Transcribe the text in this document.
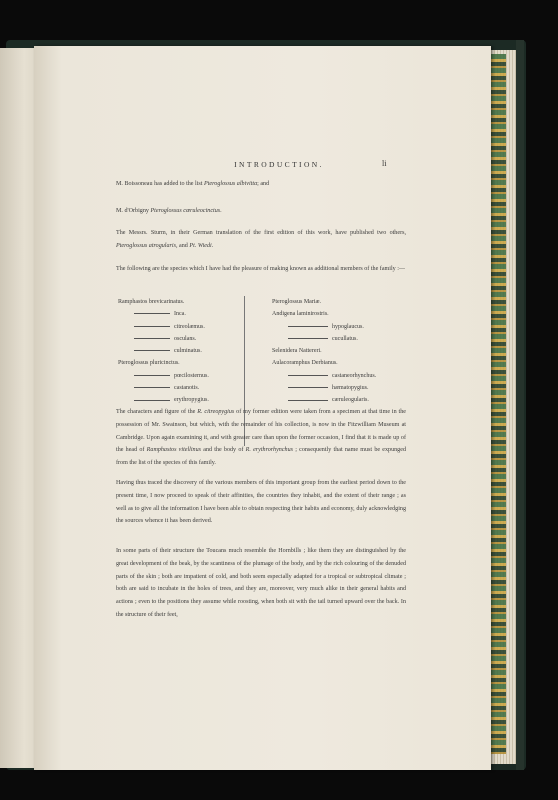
INTRODUCTION.	li

M. Boissoneau has added to the list Pteroglossus albivitta; and

M. d'Orbigny Pteroglossus cœruleocinctus.

The Messrs. Sturm, in their German translation of the first edition of this work, have published two others, Pteroglossus atrogularis, and Pt. Wiedi.

The following are the species which I have had the pleasure of making known as additional members of the family :—

Ramphastos brevicarinatus.
Inca.
citreolæmus.
osculans.
culminatus.
Pteroglossus pluricinctus.
pœcilosternus.
castanotis.
erythropygius.
Pteroglossus Mariæ.
Andigena laminirostris.
hypoglaucus.
cucullatus.
Selenidera Nattereri.
Aulacoramphus Derbianus.
castaneorhynchus.
hæmatopygius.
cæruleogularis.

The characters and figure of the R. citreopygius of my former edition were taken from a specimen at that time in the possession of Mr. Swainson, but which, with the remainder of his collection, is now in the Fitzwilliam Museum at Cambridge. Upon again examining it, and with greater care than upon the former occasion, I find that it is made up of the head of Ramphastos vitellinus and the body of R. erythrorhynchus ; consequently that name must be expunged from the list of the species of this family.

Having thus traced the discovery of the various members of this important group from the earliest period down to the present time, I now proceed to speak of their affinities, the countries they inhabit, and the extent of their range ; as well as to give all the information I have been able to obtain respecting their habits and economy, duly acknowledging the sources whence it has been derived.

In some parts of their structure the Toucans much resemble the Hornbills ; like them they are distinguished by the great development of the beak, by the scantiness of the plumage of the body, and by the rich colouring of the denuded parts of the skin ; both are impatient of cold, and both seem especially adapted for a tropical or subtropical climate ; both are said to incubate in the holes of trees, and they are, moreover, very much alike in their general habits and actions ; even to the positions they assume while roosting, when both sit with the tail turned upward over the back. In the structure of their feet,
